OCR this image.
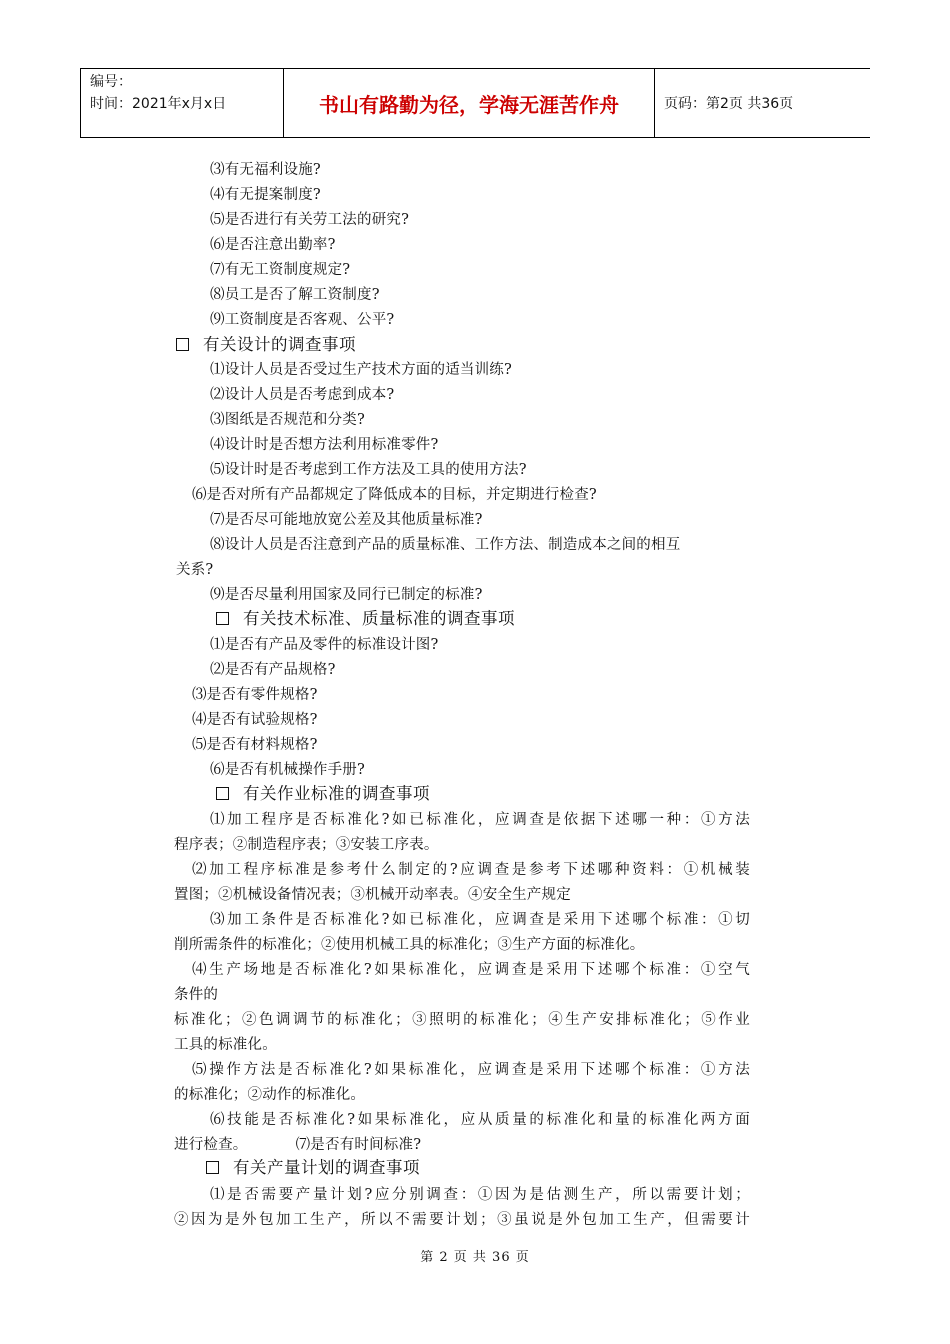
编号：
时间：2021年x月x日	书山有路勤为径，学海无涯苦作舟	页码：第2页 共36页
⑶有无福利设施?
⑷有无提案制度?
⑸是否进行有关劳工法的研究?
⑹是否注意出勤率?
⑺有无工资制度规定?
⑻员工是否了解工资制度?
⑼工资制度是否客观、公平?
有关设计的调查事项
⑴设计人员是否受过生产技术方面的适当训练?
⑵设计人员是否考虑到成本?
⑶图纸是否规范和分类?
⑷设计时是否想方法利用标准零件?
⑸设计时是否考虑到工作方法及工具的使用方法?
⑹是否对所有产品都规定了降低成本的目标，并定期进行检查?
⑺是否尽可能地放宽公差及其他质量标准?
⑻设计人员是否注意到产品的质量标准、工作方法、制造成本之间的相互
关系?
⑼是否尽量利用国家及同行已制定的标准?
有关技术标准、质量标准的调查事项
⑴是否有产品及零件的标准设计图?
⑵是否有产品规格?
⑶是否有零件规格?
⑷是否有试验规格?
⑸是否有材料规格?
⑹是否有机械操作手册?
有关作业标准的调查事项
⑴加工程序是否标准化?如已标准化，应调查是依据下述哪一种：①方法
程序表；②制造程序表；③安装工序表。
⑵加工程序标准是参考什么制定的?应调查是参考下述哪种资料：①机械装
置图；②机械设备情况表；③机械开动率表。④安全生产规定
⑶加工条件是否标准化?如已标准化，应调查是采用下述哪个标准：①切
削所需条件的标准化；②使用机械工具的标准化；③生产方面的标准化。
⑷生产场地是否标准化?如果标准化，应调查是采用下述哪个标准：①空气
条件的
标准化；②色调调节的标准化；③照明的标准化；④生产安排标准化；⑤作业
工具的标准化。
⑸操作方法是否标准化?如果标准化，应调查是采用下述哪个标准：①方法
的标准化；②动作的标准化。
⑹技能是否标准化?如果标准化，应从质量的标准化和量的标准化两方面
进行检查。          ⑺是否有时间标准?
有关产量计划的调查事项
⑴是否需要产量计划?应分别调查：①因为是估测生产，所以需要计划；
②因为是外包加工生产，所以不需要计划；③虽说是外包加工生产，但需要计
第 2 页 共 36 页
